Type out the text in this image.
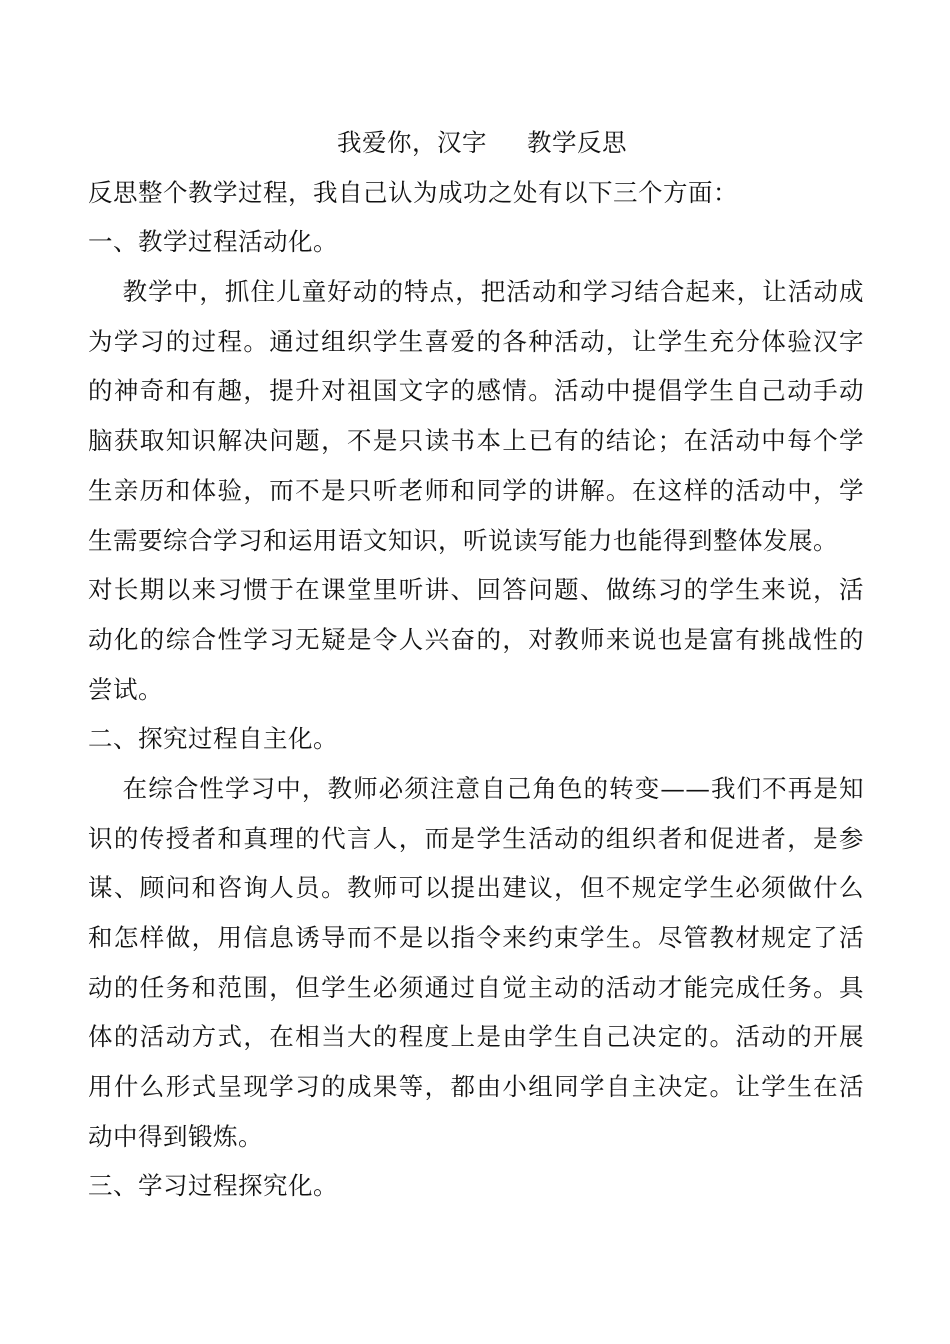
我爱你，汉字 教学反思
反思整个教学过程，我自己认为成功之处有以下三个方面：
一、教学过程活动化。
教学中，抓住儿童好动的特点，把活动和学习结合起来，让活动成
为学习的过程。通过组织学生喜爱的各种活动，让学生充分体验汉字
的神奇和有趣，提升对祖国文字的感情。活动中提倡学生自己动手动
脑获取知识解决问题，不是只读书本上已有的结论；在活动中每个学
生亲历和体验，而不是只听老师和同学的讲解。在这样的活动中，学
生需要综合学习和运用语文知识，听说读写能力也能得到整体发展。
对长期以来习惯于在课堂里听讲、回答问题、做练习的学生来说，活
动化的综合性学习无疑是令人兴奋的，对教师来说也是富有挑战性的
尝试。
二、探究过程自主化。
在综合性学习中，教师必须注意自己角色的转变——我们不再是知
识的传授者和真理的代言人，而是学生活动的组织者和促进者，是参
谋、顾问和咨询人员。教师可以提出建议，但不规定学生必须做什么
和怎样做，用信息诱导而不是以指令来约束学生。尽管教材规定了活
动的任务和范围，但学生必须通过自觉主动的活动才能完成任务。具
体的活动方式，在相当大的程度上是由学生自己决定的。活动的开展
用什么形式呈现学习的成果等，都由小组同学自主决定。让学生在活
动中得到锻炼。
三、学习过程探究化。
